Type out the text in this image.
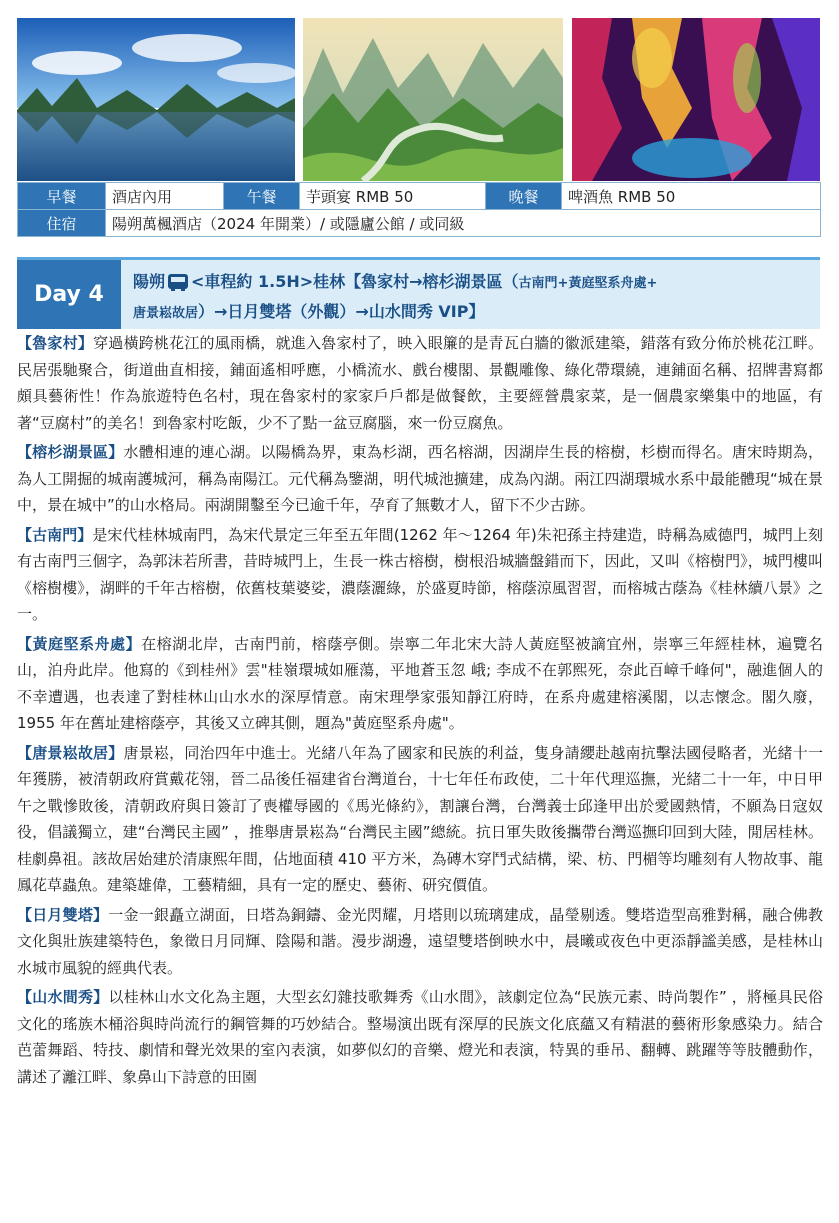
早餐	酒店內用	午餐	芋頭宴 RMB 50	晚餐	啤酒魚 RMB 50
住宿	陽朔萬楓酒店（2024 年開業）/ 或隱廬公館 / 或同級				
Day 4
陽朔 <車程約 1.5H>桂林【魯家村→榕杉湖景區（古南門+黃庭堅系舟處+
唐景崧故居）→日月雙塔（外觀）→山水間秀 VIP】

【魯家村】穿過橫跨桃花江的風雨橋，就進入魯家村了，映入眼簾的是青瓦白牆的徽派建築，錯落有致分佈於桃花江畔。民居張馳聚合，街道曲直相接，鋪面遙相呼應，小橋流水、戲台樓閣、景觀雕像、綠化帶環繞，連鋪面名稱、招牌書寫都頗具藝術性！作為旅遊特色名村，現在魯家村的家家戶戶都是做餐飲，主要經營農家菜，是一個農家樂集中的地區，有著“豆腐村”的美名！到魯家村吃飯，少不了點一盆豆腐腦，來一份豆腐魚。

【榕杉湖景區】水體相連的連心湖。以陽橋為界，東為杉湖，西名榕湖，因湖岸生長的榕樹，杉樹而得名。唐宋時期為，為人工開掘的城南護城河，稱為南陽江。元代稱為鑒湖，明代城池擴建，成為內湖。兩江四湖環城水系中最能體現“城在景中，景在城中”的山水格局。兩湖開鑿至今已逾千年，孕育了無數才人，留下不少古跡。

【古南門】是宋代桂林城南門，為宋代景定三年至五年間(1262 年～1264 年)朱祀孫主持建造，時稱為威德門，城門上刻有古南門三個字，為郭沫若所書，昔時城門上，生長一株古榕樹，樹根沿城牆盤錯而下，因此，又叫《榕樹門》，城門樓叫《榕樹樓》，湖畔的千年古榕樹，依舊枝葉婆娑，濃蔭灑綠，於盛夏時節，榕蔭涼風習習，而榕城古蔭為《桂林續八景》之一。

【黃庭堅系舟處】在榕湖北岸，古南門前，榕蔭亭側。崇寧二年北宋大詩人黃庭堅被謫宜州，崇寧三年經桂林，遍覽名山，泊舟此岸。他寫的《到桂州》雲"桂嶺環城如雁蕩，平地蒼玉忽 峨; 李成不在郭熙死，奈此百嶂千峰何"，融進個人的不幸遭遇，也表達了對桂林山山水水的深厚情意。南宋理學家張知靜江府時，在系舟處建榕溪閣，以志懷念。閣久廢，1955 年在舊址建榕蔭亭，其後又立碑其側，題為"黃庭堅系舟處"。

【唐景崧故居】唐景崧，同治四年中進士。光緒八年為了國家和民族的利益，隻身請纓赴越南抗擊法國侵略者，光緒十一年獲勝，被清朝政府賞戴花翎，晉二品後任福建省台灣道台，十七年任布政使，二十年代理巡撫，光緒二十一年，中日甲午之戰慘敗後，清朝政府與日簽訂了喪權辱國的《馬光條約》，割讓台灣，台灣義士邱逢甲出於愛國熱情，不願為日寇奴役，倡議獨立，建“台灣民主國” ，推舉唐景崧為“台灣民主國”總統。抗日軍失敗後攜帶台灣巡撫印回到大陸，閒居桂林。桂劇鼻祖。該故居始建於清康熙年間，佔地面積 410 平方米，為磚木穿鬥式結構，梁、枋、門楣等均雕刻有人物故事、龍鳳花草蟲魚。建築雄偉，工藝精細，具有一定的歷史、藝術、研究價值。

【日月雙塔】一金一銀矗立湖面，日塔為銅鑄、金光閃耀，月塔則以琉璃建成，晶瑩剔透。雙塔造型高雅對稱，融合佛教文化與壯族建築特色，象徵日月同輝、陰陽和諧。漫步湖邊，遠望雙塔倒映水中，晨曦或夜色中更添靜謐美感，是桂林山水城市風貌的經典代表。

【山水間秀】以桂林山水文化為主題，大型玄幻雜技歌舞秀《山水間》，該劇定位為“民族元素、時尚製作” ，將極具民俗文化的瑤族木桶浴與時尚流行的鋼管舞的巧妙結合。整場演出既有深厚的民族文化底蘊又有精湛的藝術形象感染力。結合芭蕾舞蹈、特技、劇情和聲光效果的室內表演，如夢似幻的音樂、燈光和表演，特異的垂吊、翻轉、跳躍等等肢體動作，講述了灕江畔、象鼻山下詩意的田園
